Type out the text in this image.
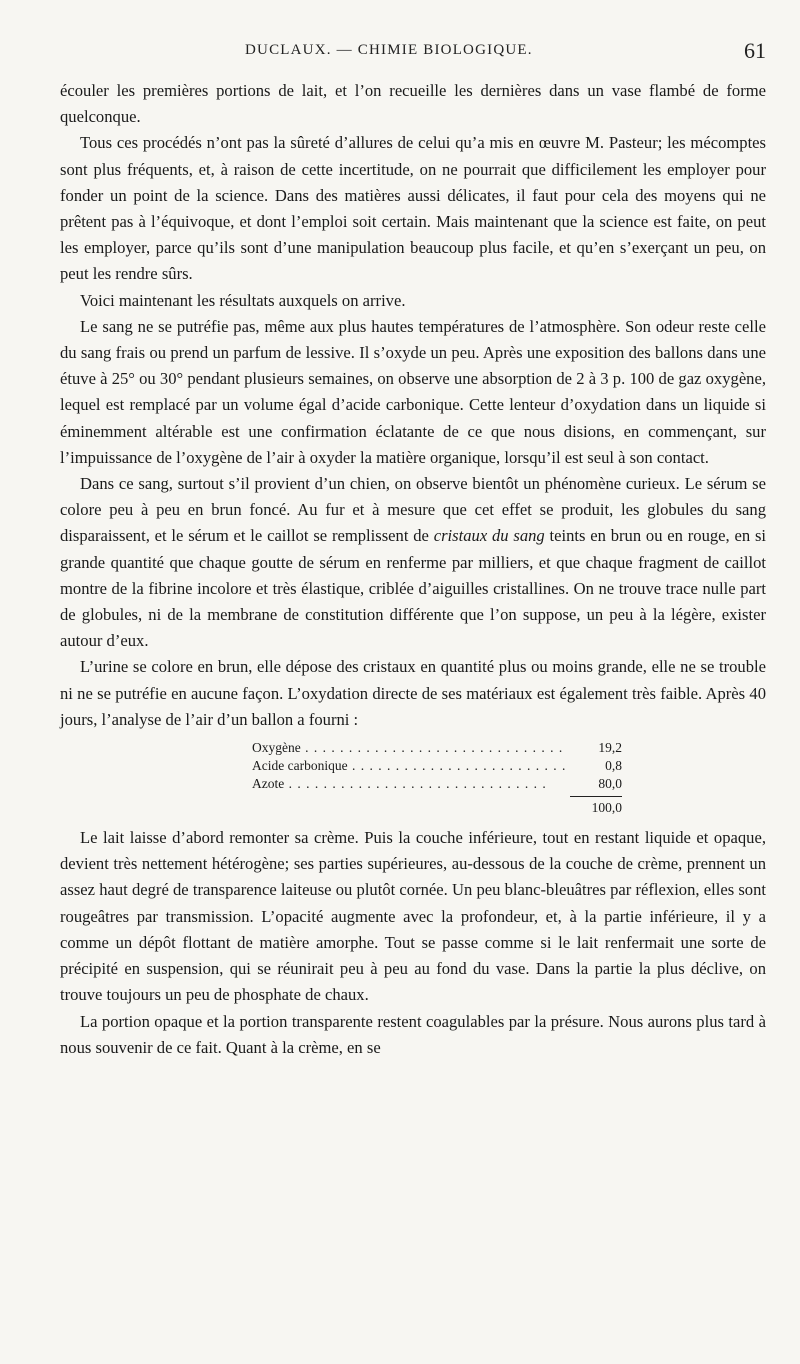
DUCLAUX. — CHIMIE BIOLOGIQUE.	61

écouler les premières portions de lait, et l’on recueille les dernières dans un vase flambé de forme quelconque.

Tous ces procédés n’ont pas la sûreté d’allures de celui qu’a mis en œuvre M. Pasteur; les mécomptes sont plus fréquents, et, à raison de cette incertitude, on ne pourrait que difficilement les employer pour fonder un point de la science. Dans des matières aussi délicates, il faut pour cela des moyens qui ne prêtent pas à l’équivoque, et dont l’emploi soit certain. Mais maintenant que la science est faite, on peut les employer, parce qu’ils sont d’une manipulation beaucoup plus facile, et qu’en s’exerçant un peu, on peut les rendre sûrs.

Voici maintenant les résultats auxquels on arrive.

Le sang ne se putréfie pas, même aux plus hautes températures de l’atmosphère. Son odeur reste celle du sang frais ou prend un parfum de lessive. Il s’oxyde un peu. Après une exposition des ballons dans une étuve à 25° ou 30° pendant plusieurs semaines, on observe une absorption de 2 à 3 p. 100 de gaz oxygène, lequel est remplacé par un volume égal d’acide carbonique. Cette lenteur d’oxydation dans un liquide si éminemment altérable est une confirmation éclatante de ce que nous disions, en commençant, sur l’impuissance de l’oxygène de l’air à oxyder la matière organique, lorsqu’il est seul à son contact.

Dans ce sang, surtout s’il provient d’un chien, on observe bientôt un phénomène curieux. Le sérum se colore peu à peu en brun foncé. Au fur et à mesure que cet effet se produit, les globules du sang disparaissent, et le sérum et le caillot se remplissent de cristaux du sang teints en brun ou en rouge, en si grande quantité que chaque goutte de sérum en renferme par milliers, et que chaque fragment de caillot montre de la fibrine incolore et très élastique, criblée d’aiguilles cristallines. On ne trouve trace nulle part de globules, ni de la membrane de constitution différente que l’on suppose, un peu à la légère, exister autour d’eux.

L’urine se colore en brun, elle dépose des cristaux en quantité plus ou moins grande, elle ne se trouble ni ne se putréfie en aucune façon. L’oxydation directe de ses matériaux est également très faible. Après 40 jours, l’analyse de l’air d’un ballon a fourni :

Oxygène . . .	19,2
Acide carbonique . . .	0,8
Azote . . .	80,0
100,0

Le lait laisse d’abord remonter sa crème. Puis la couche inférieure, tout en restant liquide et opaque, devient très nettement hétérogène; ses parties supérieures, au-dessous de la couche de crème, prennent un assez haut degré de transparence laiteuse ou plutôt cornée. Un peu blanc-bleuâtres par réflexion, elles sont rougeâtres par transmission. L’opacité augmente avec la profondeur, et, à la partie inférieure, il y a comme un dépôt flottant de matière amorphe. Tout se passe comme si le lait renfermait une sorte de précipité en suspension, qui se réunirait peu à peu au fond du vase. Dans la partie la plus déclive, on trouve toujours un peu de phosphate de chaux.

La portion opaque et la portion transparente restent coagulables par la présure. Nous aurons plus tard à nous souvenir de ce fait. Quant à la crème, en se
